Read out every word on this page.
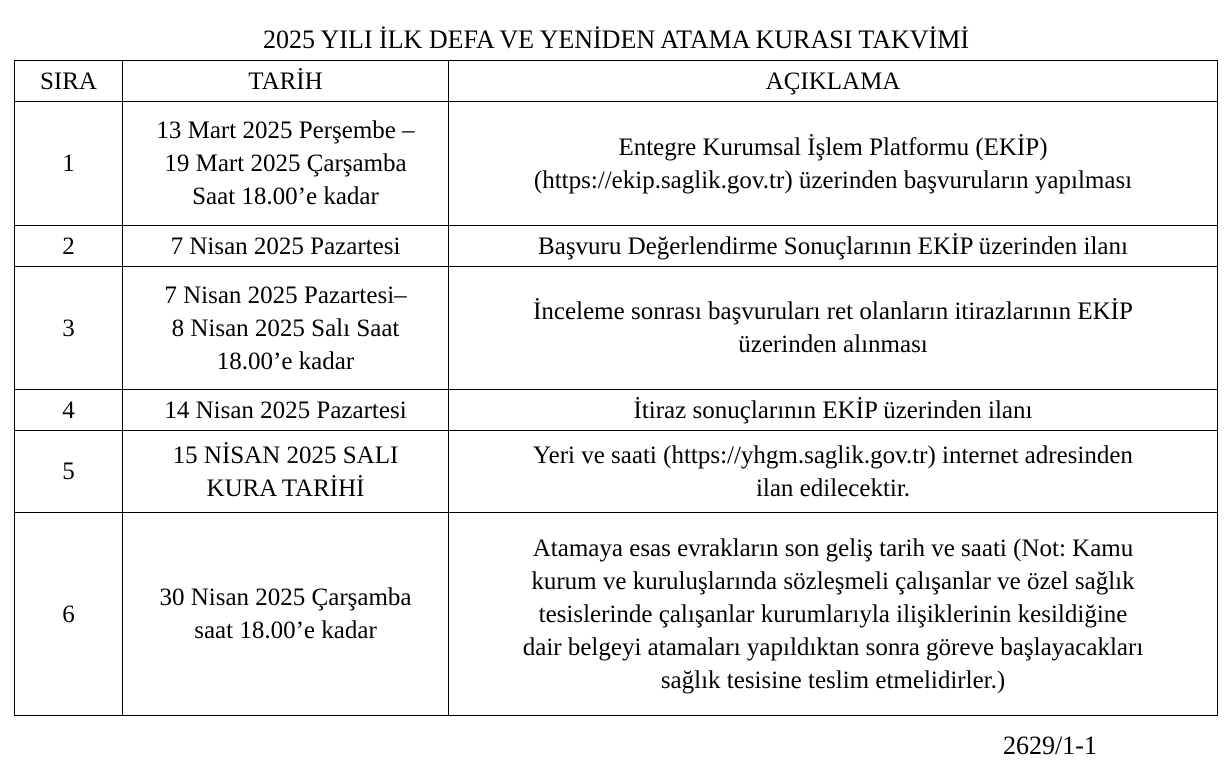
2025 YILI İLK DEFA VE YENİDEN ATAMA KURASI TAKVİMİ
SIRA	TARİH	AÇIKLAMA

1	13 Mart 2025 Perşembe –
19 Mart 2025 Çarşamba
Saat 18.00’e kadar	Entegre Kurumsal İşlem Platformu (EKİP)
(https://ekip.saglik.gov.tr) üzerinden başvuruların yapılması

2	7 Nisan 2025 Pazartesi	Başvuru Değerlendirme Sonuçlarının EKİP üzerinden ilanı

3	7 Nisan 2025 Pazartesi–
8 Nisan 2025 Salı Saat
18.00’e kadar	İnceleme sonrası başvuruları ret olanların itirazlarının EKİP
üzerinden alınması

4	14 Nisan 2025 Pazartesi	İtiraz sonuçlarının EKİP üzerinden ilanı

5	15 NİSAN 2025 SALI
KURA TARİHİ	Yeri ve saati (https://yhgm.saglik.gov.tr) internet adresinden
ilan edilecektir.

6	30 Nisan 2025 Çarşamba
saat 18.00’e kadar	Atamaya esas evrakların son geliş tarih ve saati (Not: Kamu
kurum ve kuruluşlarında sözleşmeli çalışanlar ve özel sağlık
tesislerinde çalışanlar kurumlarıyla ilişiklerinin kesildiğine
dair belgeyi atamaları yapıldıktan sonra göreve başlayacakları
sağlık tesisine teslim etmelidirler.)
2629/1-1
